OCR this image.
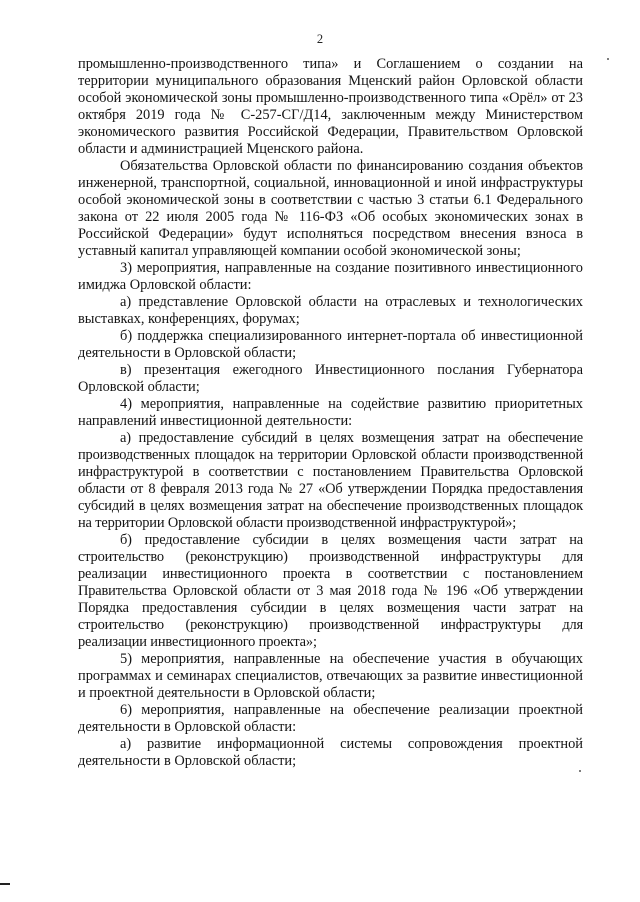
2

промышленно-производственного типа» и Соглашением о создании на территории муниципального образования Мценский район Орловской области особой экономической зоны промышленно-производственного типа «Орёл» от 23 октября 2019 года № С-257-СГ/Д14, заключенным между Министерством экономического развития Российской Федерации, Правительством Орловской области и администрацией Мценского района.

Обязательства Орловской области по финансированию создания объектов инженерной, транспортной, социальной, инновационной и иной инфраструктуры особой экономической зоны в соответствии с частью 3 статьи 6.1 Федерального закона от 22 июля 2005 года № 116-ФЗ «Об особых экономических зонах в Российской Федерации» будут исполняться посредством внесения взноса в уставный капитал управляющей компании особой экономической зоны;

3) мероприятия, направленные на создание позитивного инвестиционного имиджа Орловской области:

а) представление Орловской области на отраслевых и технологических выставках, конференциях, форумах;

б) поддержка специализированного интернет-портала об инвестиционной деятельности в Орловской области;

в) презентация ежегодного Инвестиционного послания Губернатора Орловской области;

4) мероприятия, направленные на содействие развитию приоритетных направлений инвестиционной деятельности:

а) предоставление субсидий в целях возмещения затрат на обеспечение производственных площадок на территории Орловской области производственной инфраструктурой в соответствии с постановлением Правительства Орловской области от 8 февраля 2013 года № 27 «Об утверждении Порядка предоставления субсидий в целях возмещения затрат на обеспечение производственных площадок на территории Орловской области производственной инфраструктурой»;

б) предоставление субсидии в целях возмещения части затрат на строительство (реконструкцию) производственной инфраструктуры для реализации инвестиционного проекта в соответствии с постановлением Правительства Орловской области от 3 мая 2018 года № 196 «Об утверждении Порядка предоставления субсидии в целях возмещения части затрат на строительство (реконструкцию) производственной инфраструктуры для реализации инвестиционного проекта»;

5) мероприятия, направленные на обеспечение участия в обучающих программах и семинарах специалистов, отвечающих за развитие инвестиционной и проектной деятельности в Орловской области;

6) мероприятия, направленные на обеспечение реализации проектной деятельности в Орловской области:

а) развитие информационной системы сопровождения проектной деятельности в Орловской области;
